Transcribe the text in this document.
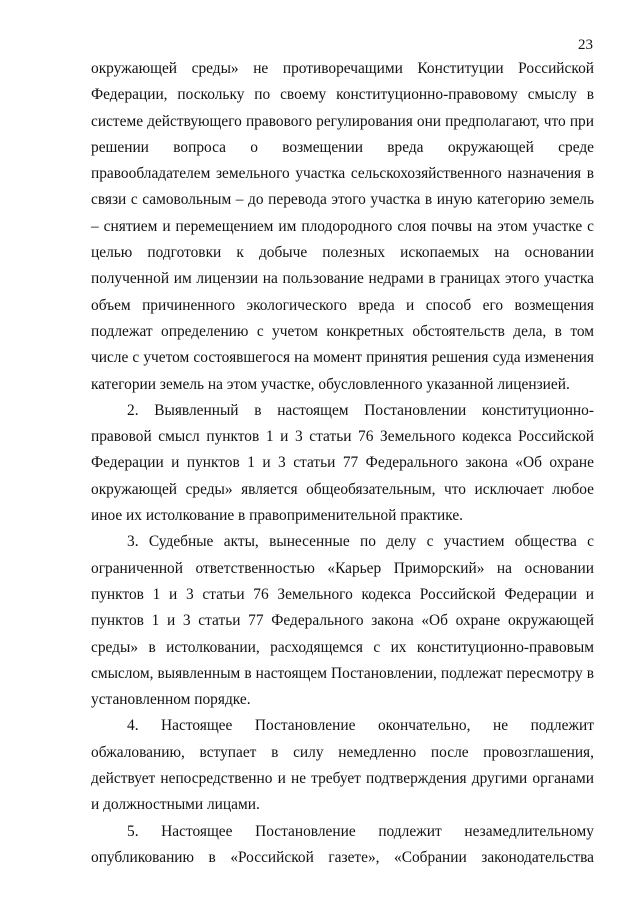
23

окружающей среды» не противоречащими Конституции Российской Федерации, поскольку по своему конституционно-правовому смыслу в системе действующего правового регулирования они предполагают, что при решении вопроса о возмещении вреда окружающей среде правообладателем земельного участка сельскохозяйственного назначения в связи с самовольным – до перевода этого участка в иную категорию земель – снятием и перемещением им плодородного слоя почвы на этом участке с целью подготовки к добыче полезных ископаемых на основании полученной им лицензии на пользование недрами в границах этого участка объем причиненного экологического вреда и способ его возмещения подлежат определению с учетом конкретных обстоятельств дела, в том числе с учетом состоявшегося на момент принятия решения суда изменения категории земель на этом участке, обусловленного указанной лицензией.

2. Выявленный в настоящем Постановлении конституционно-правовой смысл пунктов 1 и 3 статьи 76 Земельного кодекса Российской Федерации и пунктов 1 и 3 статьи 77 Федерального закона «Об охране окружающей среды» является общеобязательным, что исключает любое иное их истолкование в правоприменительной практике.

3. Судебные акты, вынесенные по делу с участием общества с ограниченной ответственностью «Карьер Приморский» на основании пунктов 1 и 3 статьи 76 Земельного кодекса Российской Федерации и пунктов 1 и 3 статьи 77 Федерального закона «Об охране окружающей среды» в истолковании, расходящемся с их конституционно-правовым смыслом, выявленным в настоящем Постановлении, подлежат пересмотру в установленном порядке.

4. Настоящее Постановление окончательно, не подлежит обжалованию, вступает в силу немедленно после провозглашения, действует непосредственно и не требует подтверждения другими органами и должностными лицами.

5. Настоящее Постановление подлежит незамедлительному опубликованию в «Российской газете», «Собрании законодательства
